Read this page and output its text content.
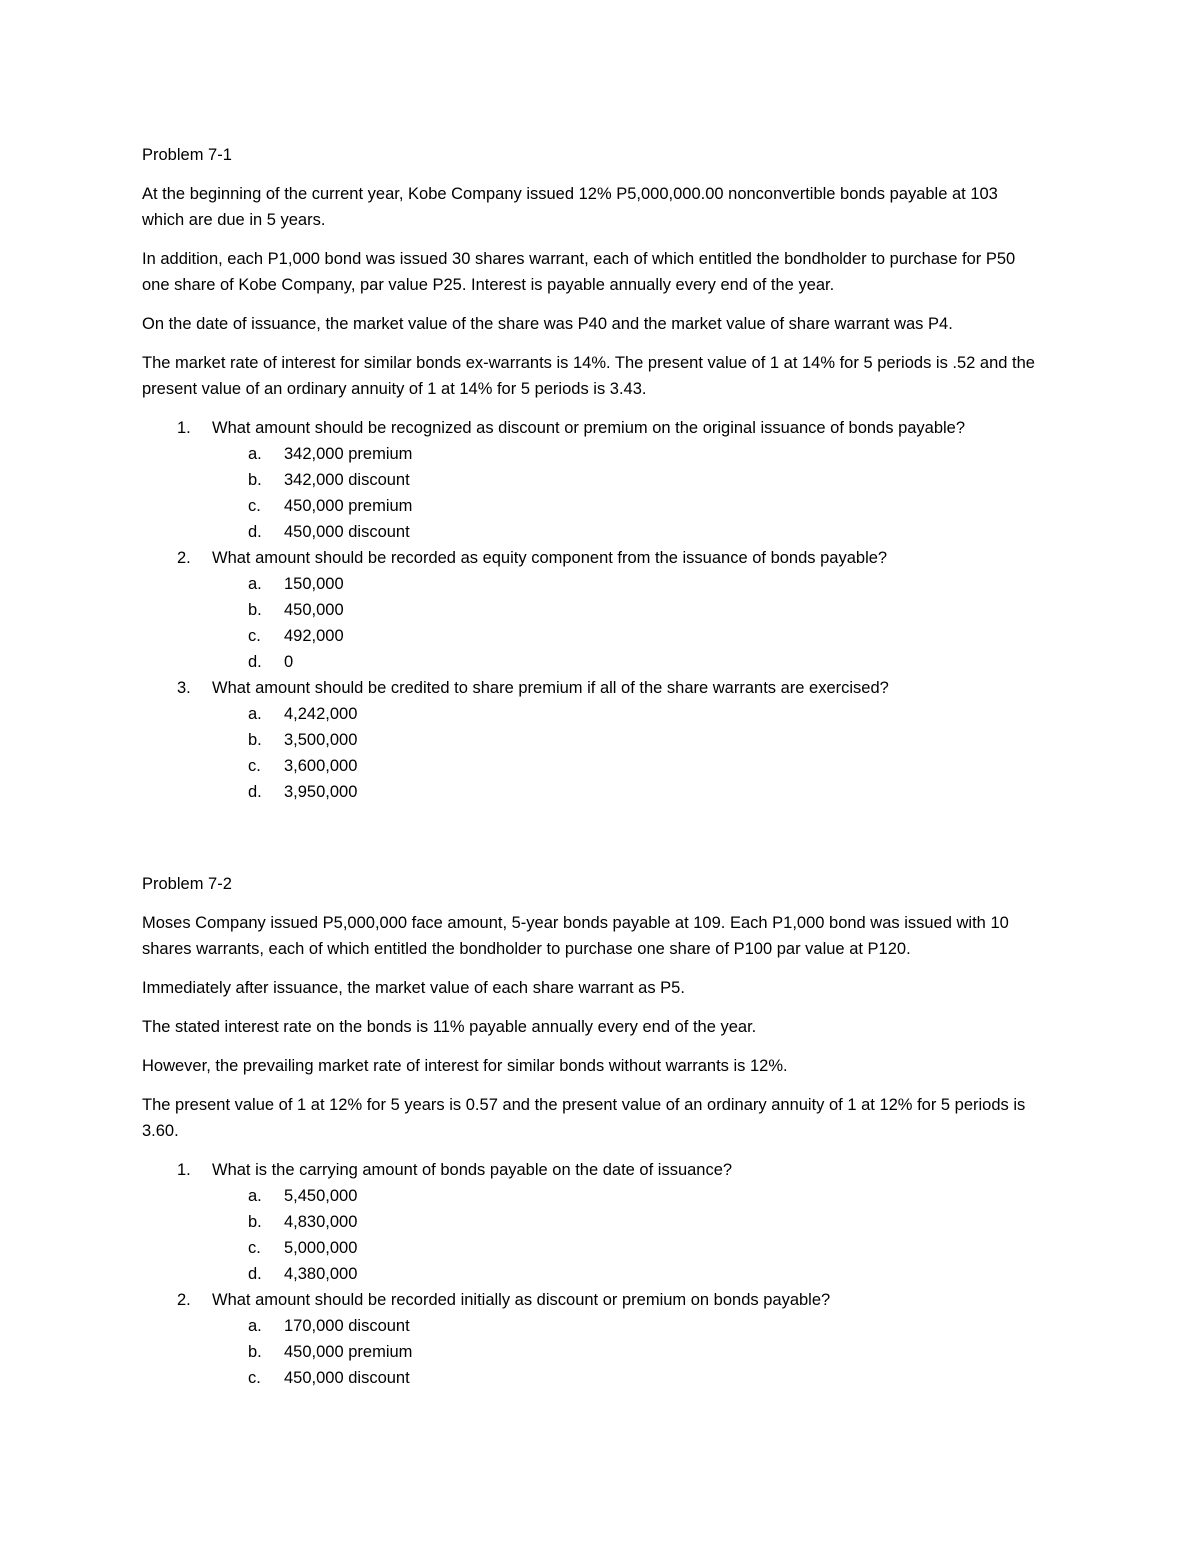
Problem 7-1

At the beginning of the current year, Kobe Company issued 12% P5,000,000.00 nonconvertible bonds payable at 103 which are due in 5 years.

In addition, each P1,000 bond was issued 30 shares warrant, each of which entitled the bondholder to purchase for P50 one share of Kobe Company, par value P25. Interest is payable annually every end of the year.

On the date of issuance, the market value of the share was P40 and the market value of share warrant was P4.

The market rate of interest for similar bonds ex-warrants is 14%. The present value of 1 at 14% for 5 periods is .52 and the present value of an ordinary annuity of 1 at 14% for 5 periods is 3.43.

1. What amount should be recognized as discount or premium on the original issuance of bonds payable?
a. 342,000 premium
b. 342,000 discount
c. 450,000 premium
d. 450,000 discount
2. What amount should be recorded as equity component from the issuance of bonds payable?
a. 150,000
b. 450,000
c. 492,000
d. 0
3. What amount should be credited to share premium if all of the share warrants are exercised?
a. 4,242,000
b. 3,500,000
c. 3,600,000
d. 3,950,000

Problem 7-2

Moses Company issued P5,000,000 face amount, 5-year bonds payable at 109. Each P1,000 bond was issued with 10 shares warrants, each of which entitled the bondholder to purchase one share of P100 par value at P120.

Immediately after issuance, the market value of each share warrant as P5.

The stated interest rate on the bonds is 11% payable annually every end of the year.

However, the prevailing market rate of interest for similar bonds without warrants is 12%.

The present value of 1 at 12% for 5 years is 0.57 and the present value of an ordinary annuity of 1 at 12% for 5 periods is 3.60.

1. What is the carrying amount of bonds payable on the date of issuance?
a. 5,450,000
b. 4,830,000
c. 5,000,000
d. 4,380,000
2. What amount should be recorded initially as discount or premium on bonds payable?
a. 170,000 discount
b. 450,000 premium
c. 450,000 discount
